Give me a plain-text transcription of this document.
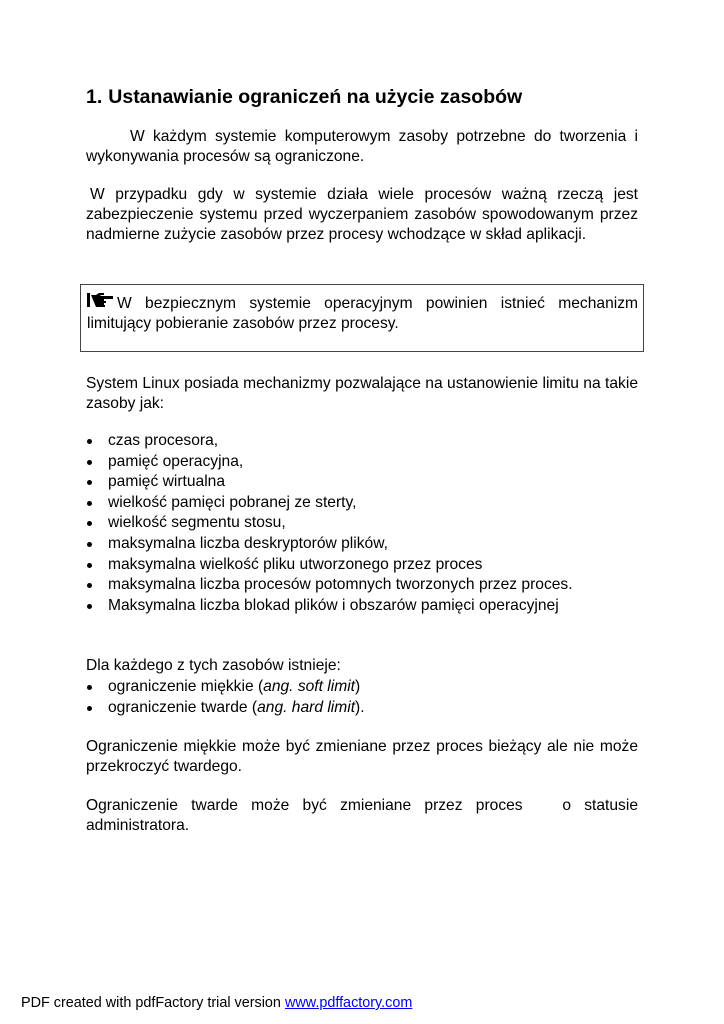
1. Ustanawianie ograniczeń na użycie zasobów

W każdym systemie komputerowym zasoby potrzebne do tworzenia i wykonywania procesów są ograniczone.

W przypadku gdy w systemie działa wiele procesów ważną rzeczą jest zabezpieczenie systemu przed wyczerpaniem zasobów spowodowanym przez nadmierne zużycie zasobów przez procesy wchodzące w skład aplikacji.

W bezpiecznym systemie operacyjnym powinien istnieć mechanizm limitujący pobieranie zasobów przez procesy.

System Linux posiada mechanizmy pozwalające na ustanowienie limitu na takie zasoby jak:

czas procesora,
pamięć operacyjna,
pamięć wirtualna
wielkość pamięci pobranej ze sterty,
wielkość segmentu stosu,
maksymalna liczba deskryptorów plików,
maksymalna wielkość pliku utworzonego przez proces
maksymalna liczba procesów potomnych tworzonych przez proces.
Maksymalna liczba blokad plików i obszarów pamięci operacyjnej

Dla każdego z tych zasobów istnieje:

ograniczenie miękkie (ang. soft limit)
ograniczenie twarde (ang. hard limit).

Ograniczenie miękkie może być zmieniane przez proces bieżący ale nie może przekroczyć twardego.

Ograniczenie twarde może być zmieniane przez proces   o statusie administratora.

PDF created with pdfFactory trial version www.pdffactory.com
